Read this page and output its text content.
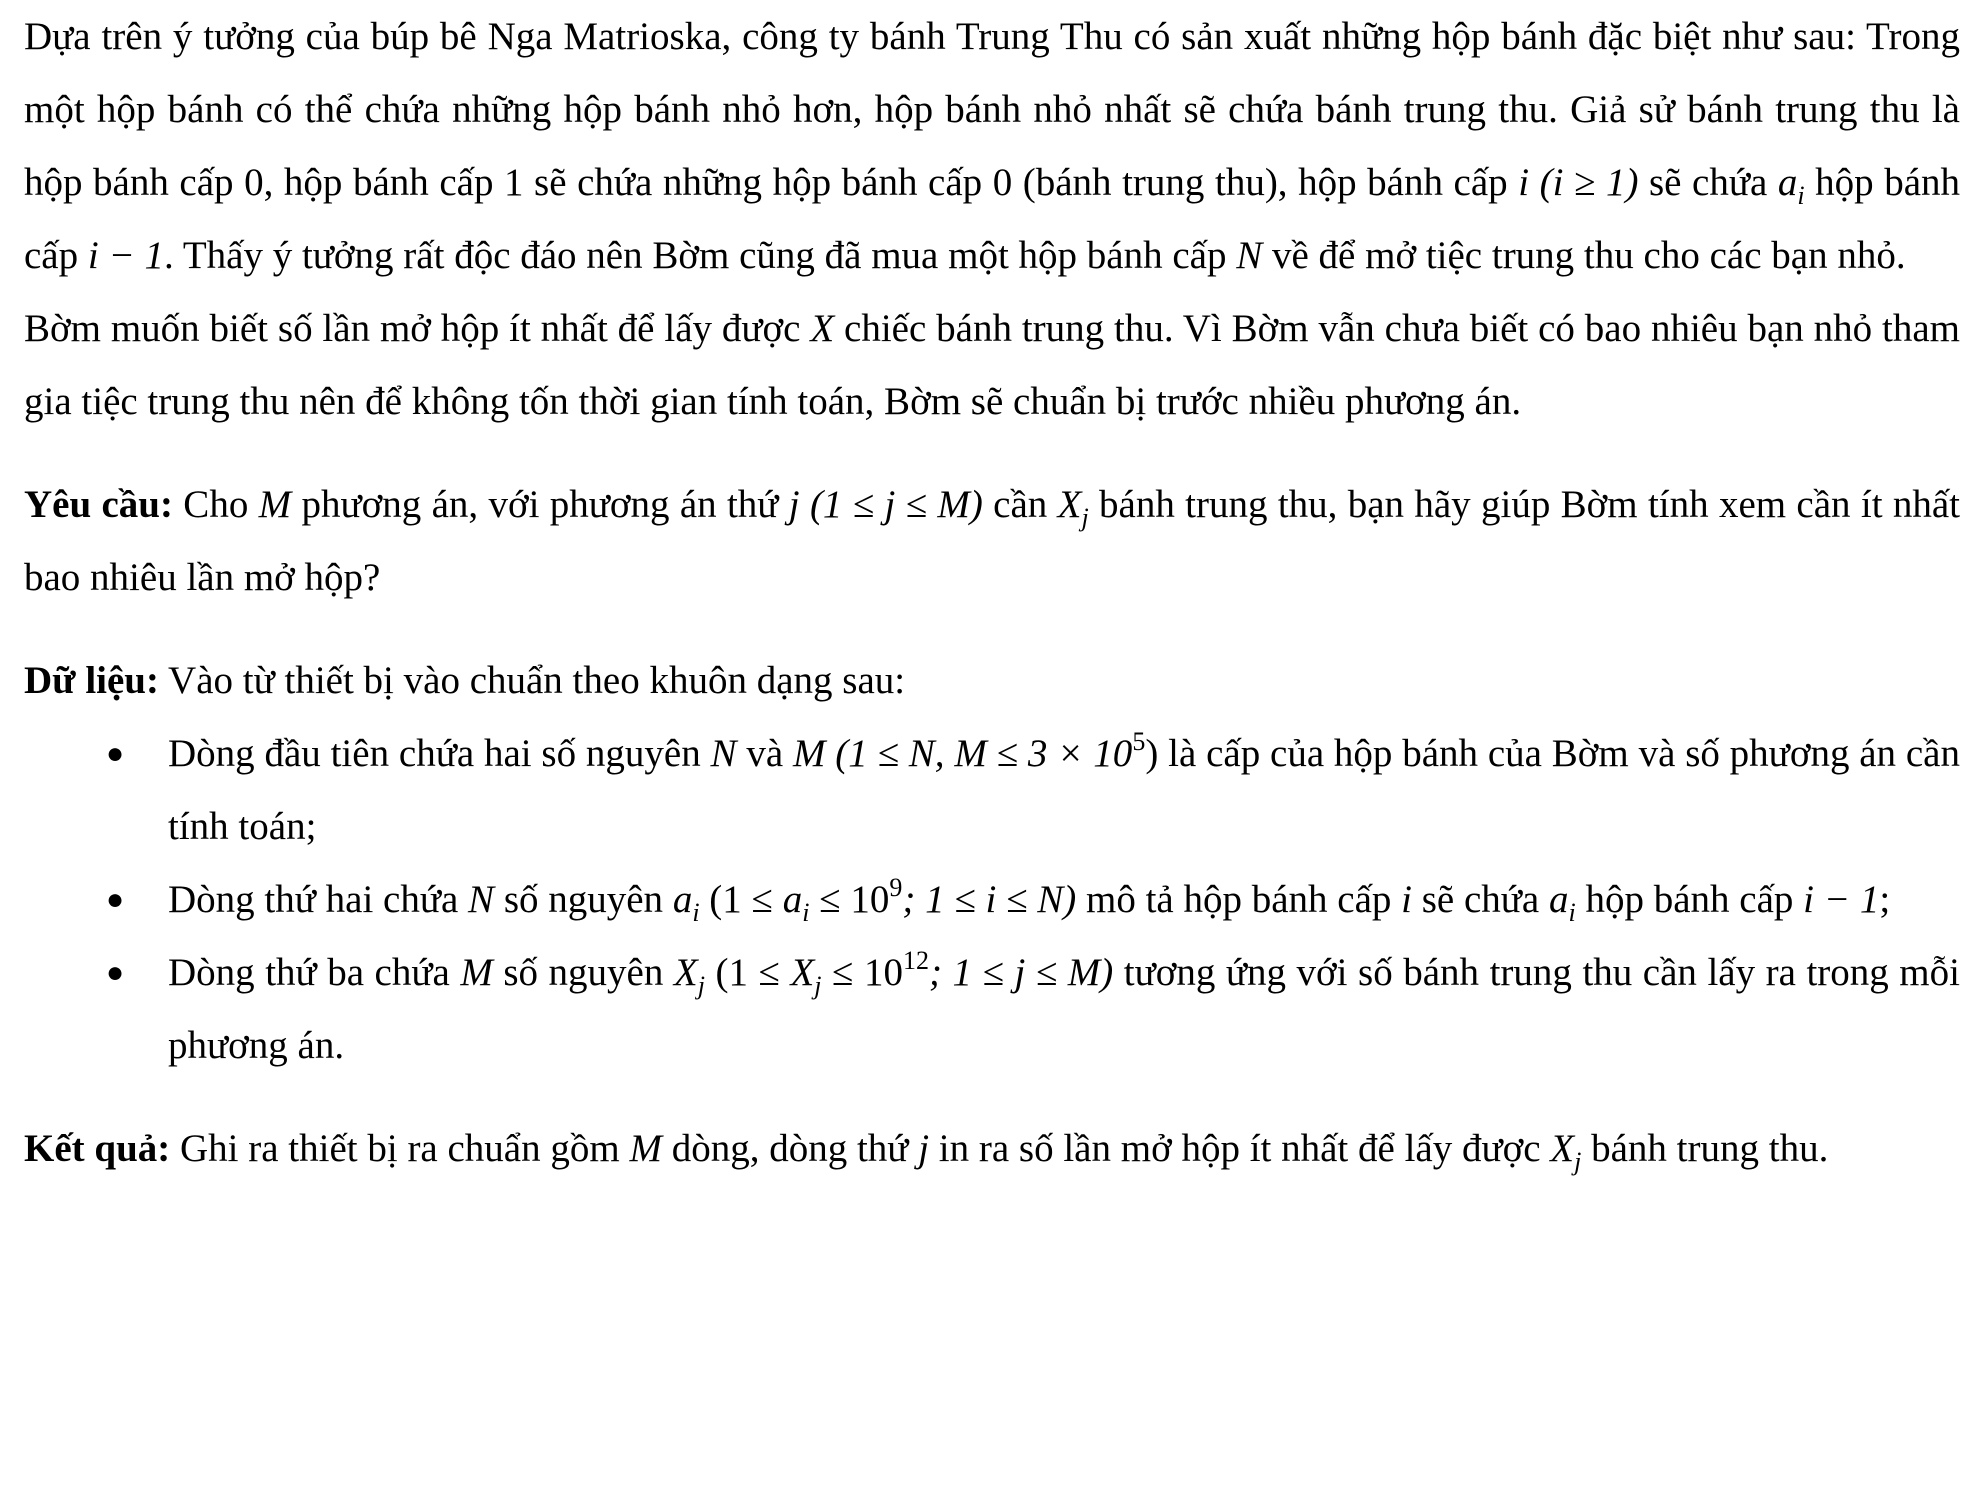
Dựa trên ý tưởng của búp bê Nga Matrioska, công ty bánh Trung Thu có sản xuất những hộp bánh đặc biệt như sau: Trong một hộp bánh có thể chứa những hộp bánh nhỏ hơn, hộp bánh nhỏ nhất sẽ chứa bánh trung thu. Giả sử bánh trung thu là hộp bánh cấp 0, hộp bánh cấp 1 sẽ chứa những hộp bánh cấp 0 (bánh trung thu), hộp bánh cấp i (i ≥ 1) sẽ chứa $a_i$ hộp bánh cấp i − 1. Thấy ý tưởng rất độc đáo nên Bờm cũng đã mua một hộp bánh cấp N về để mở tiệc trung thu cho các bạn nhỏ.

Bờm muốn biết số lần mở hộp ít nhất để lấy được X chiếc bánh trung thu. Vì Bờm vẫn chưa biết có bao nhiêu bạn nhỏ tham gia tiệc trung thu nên để không tốn thời gian tính toán, Bờm sẽ chuẩn bị trước nhiều phương án.

Yêu cầu: Cho M phương án, với phương án thứ j (1 ≤ j ≤ M) cần $X_j$ bánh trung thu, bạn hãy giúp Bờm tính xem cần ít nhất bao nhiêu lần mở hộp?

Dữ liệu: Vào từ thiết bị vào chuẩn theo khuôn dạng sau:

● Dòng đầu tiên chứa hai số nguyên N và M (1 ≤ N, $M \le 3 \times 10^5$) là cấp của hộp bánh của Bờm và số phương án cần tính toán;
● Dòng thứ hai chứa N số nguyên $a_i$ ($1 \le a_i \le 10^9$; 1 ≤ i ≤ N) mô tả hộp bánh cấp i sẽ chứa $a_i$ hộp bánh cấp i − 1;
● Dòng thứ ba chứa M số nguyên $X_j$ ($1 \le X_j \le 10^{12}$; 1 ≤ j ≤ M) tương ứng với số bánh trung thu cần lấy ra trong mỗi phương án.

Kết quả: Ghi ra thiết bị ra chuẩn gồm M dòng, dòng thứ j in ra số lần mở hộp ít nhất để lấy được $X_j$ bánh trung thu.
